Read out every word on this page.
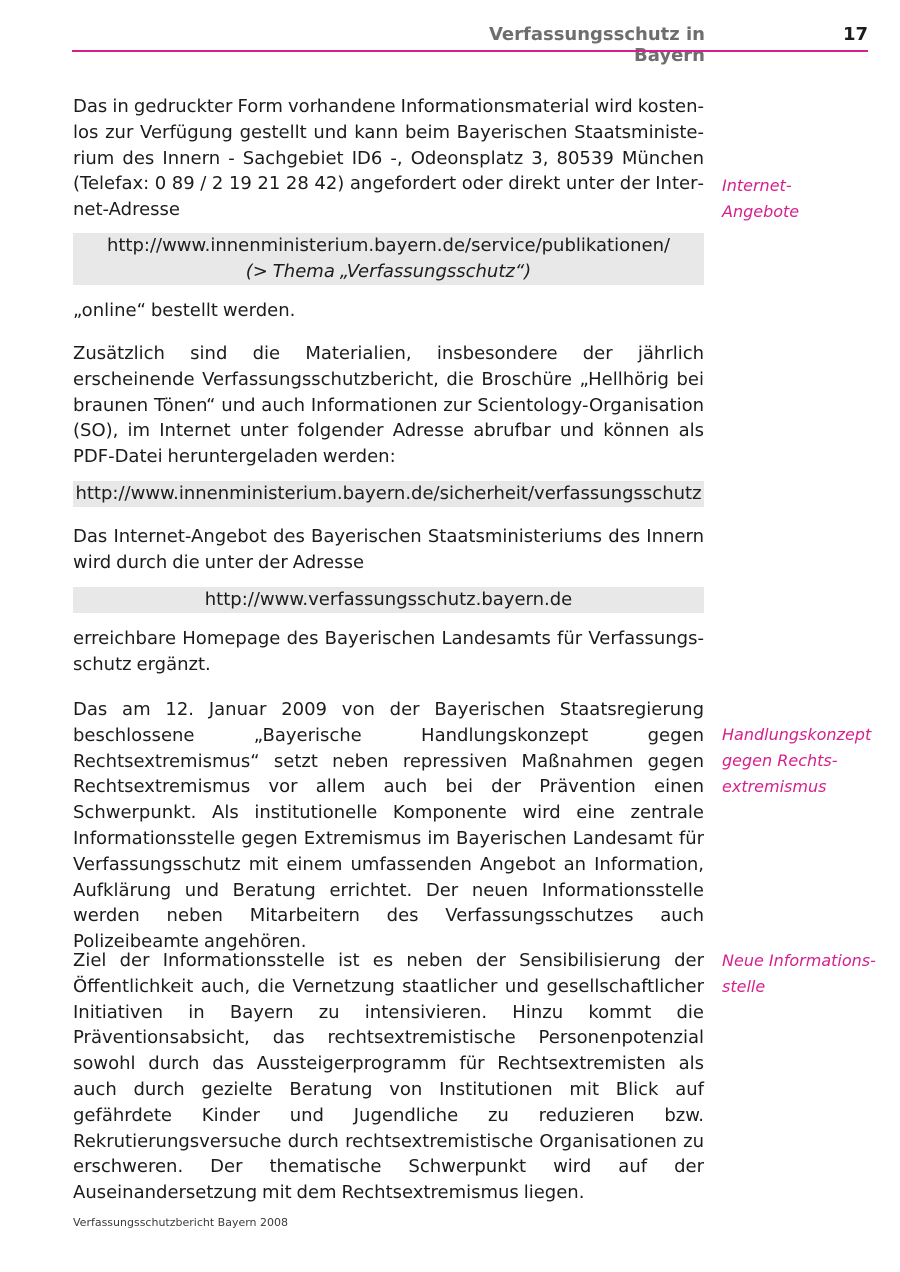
Verfassungsschutz in Bayern
17

Das in gedruckter Form vorhandene Informationsmaterial wird kostenlos zur Verfügung gestellt und kann beim Bayerischen Staatsministerium des Innern - Sachgebiet ID6 -, Odeonsplatz 3, 80539 München (Telefax: 0 89 / 2 19 21 28 42) angefordert oder direkt unter der Internet-Adresse

Internet-
Angebote
http://www.innenministerium.bayern.de/service/publikationen/
(> Thema „Verfassungsschutz“)

„online“ bestellt werden.

Zusätzlich sind die Materialien, insbesondere der jährlich erscheinende Verfassungsschutzbericht, die Broschüre „Hellhörig bei braunen Tönen“ und auch Informationen zur Scientology-Organisation (SO), im Internet unter folgender Adresse abrufbar und können als PDF-Datei heruntergeladen werden:

http://www.innenministerium.bayern.de/sicherheit/verfassungsschutz

Das Internet-Angebot des Bayerischen Staatsministeriums des Innern wird durch die unter der Adresse

http://www.verfassungsschutz.bayern.de

erreichbare Homepage des Bayerischen Landesamts für Verfassungsschutz ergänzt.

Das am 12. Januar 2009 von der Bayerischen Staatsregierung beschlossene „Bayerische Handlungskonzept gegen Rechtsextremismus“ setzt neben repressiven Maßnahmen gegen Rechtsextremismus vor allem auch bei der Prävention einen Schwerpunkt. Als institutionelle Komponente wird eine zentrale Informationsstelle gegen Extremismus im Bayerischen Landesamt für Verfassungsschutz mit einem umfassenden Angebot an Information, Aufklärung und Beratung errichtet. Der neuen Informationsstelle werden neben Mitarbeitern des Verfassungsschutzes auch Polizeibeamte angehören.

Handlungskonzept
gegen Rechts-
extremismus

Ziel der Informationsstelle ist es neben der Sensibilisierung der Öffentlichkeit auch, die Vernetzung staatlicher und gesellschaftlicher Initiativen in Bayern zu intensivieren. Hinzu kommt die Präventionsabsicht, das rechtsextremistische Personenpotenzial sowohl durch das Aussteigerprogramm für Rechtsextremisten als auch durch gezielte Beratung von Institutionen mit Blick auf gefährdete Kinder und Jugendliche zu reduzieren bzw. Rekrutierungsversuche durch rechtsextremistische Organisationen zu erschweren. Der thematische Schwerpunkt wird auf der Auseinandersetzung mit dem Rechtsextremismus liegen.

Neue Informations-
stelle
Verfassungsschutzbericht Bayern 2008
